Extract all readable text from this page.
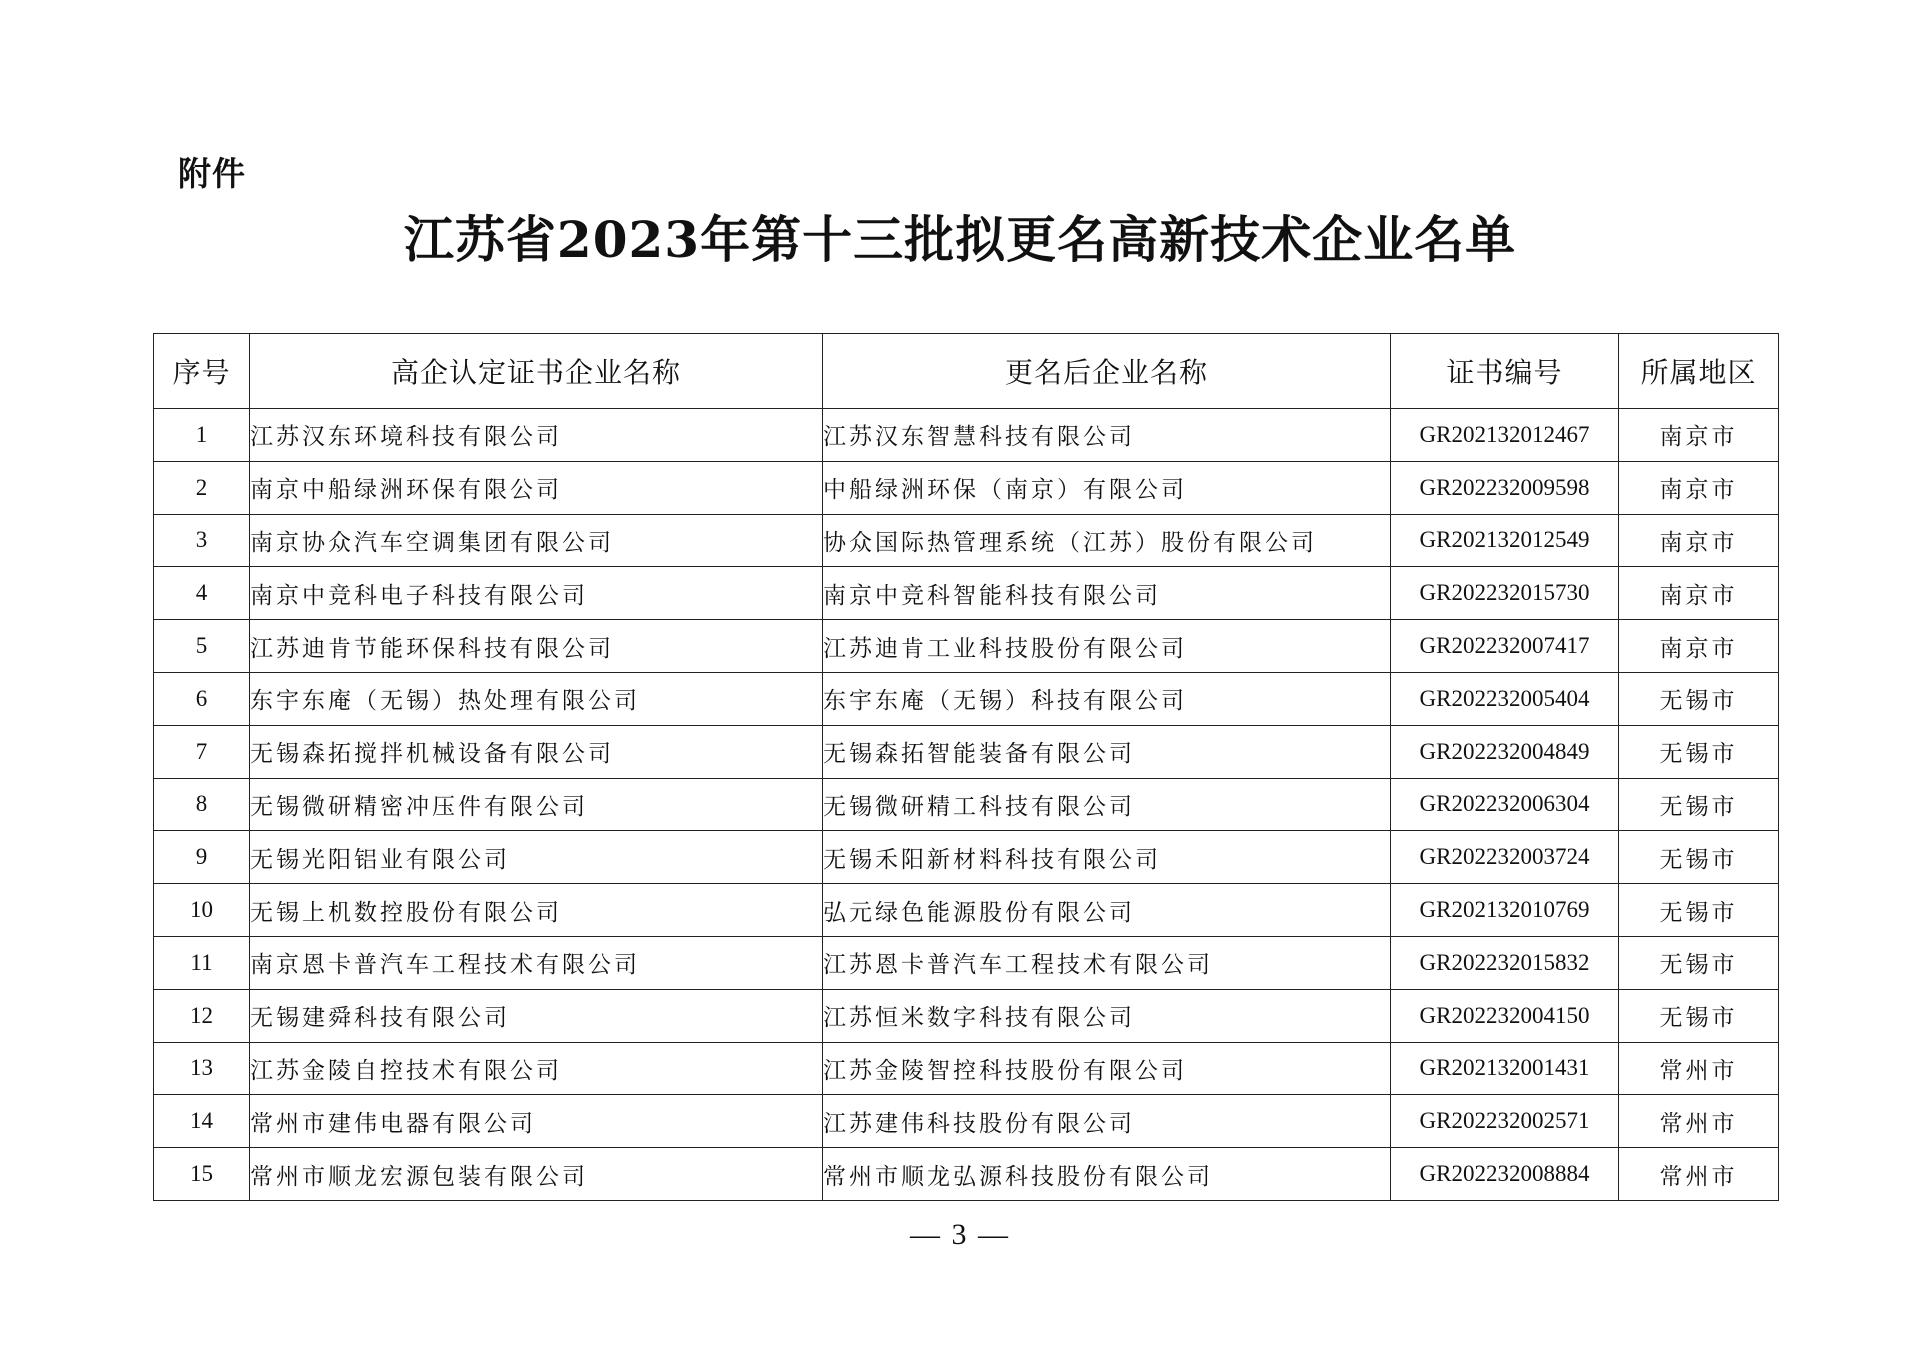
附件
江苏省2023年第十三批拟更名高新技术企业名单
序号	高企认定证书企业名称	更名后企业名称	证书编号	所属地区
1	江苏汉东环境科技有限公司	江苏汉东智慧科技有限公司	GR202132012467	南京市
2	南京中船绿洲环保有限公司	中船绿洲环保（南京）有限公司	GR202232009598	南京市
3	南京协众汽车空调集团有限公司	协众国际热管理系统（江苏）股份有限公司	GR202132012549	南京市
4	南京中竞科电子科技有限公司	南京中竞科智能科技有限公司	GR202232015730	南京市
5	江苏迪肯节能环保科技有限公司	江苏迪肯工业科技股份有限公司	GR202232007417	南京市
6	东宇东庵（无锡）热处理有限公司	东宇东庵（无锡）科技有限公司	GR202232005404	无锡市
7	无锡森拓搅拌机械设备有限公司	无锡森拓智能装备有限公司	GR202232004849	无锡市
8	无锡微研精密冲压件有限公司	无锡微研精工科技有限公司	GR202232006304	无锡市
9	无锡光阳铝业有限公司	无锡禾阳新材料科技有限公司	GR202232003724	无锡市
10	无锡上机数控股份有限公司	弘元绿色能源股份有限公司	GR202132010769	无锡市
11	南京恩卡普汽车工程技术有限公司	江苏恩卡普汽车工程技术有限公司	GR202232015832	无锡市
12	无锡建舜科技有限公司	江苏恒米数字科技有限公司	GR202232004150	无锡市
13	江苏金陵自控技术有限公司	江苏金陵智控科技股份有限公司	GR202132001431	常州市
14	常州市建伟电器有限公司	江苏建伟科技股份有限公司	GR202232002571	常州市
15	常州市顺龙宏源包装有限公司	常州市顺龙弘源科技股份有限公司	GR202232008884	常州市
— 3 —
